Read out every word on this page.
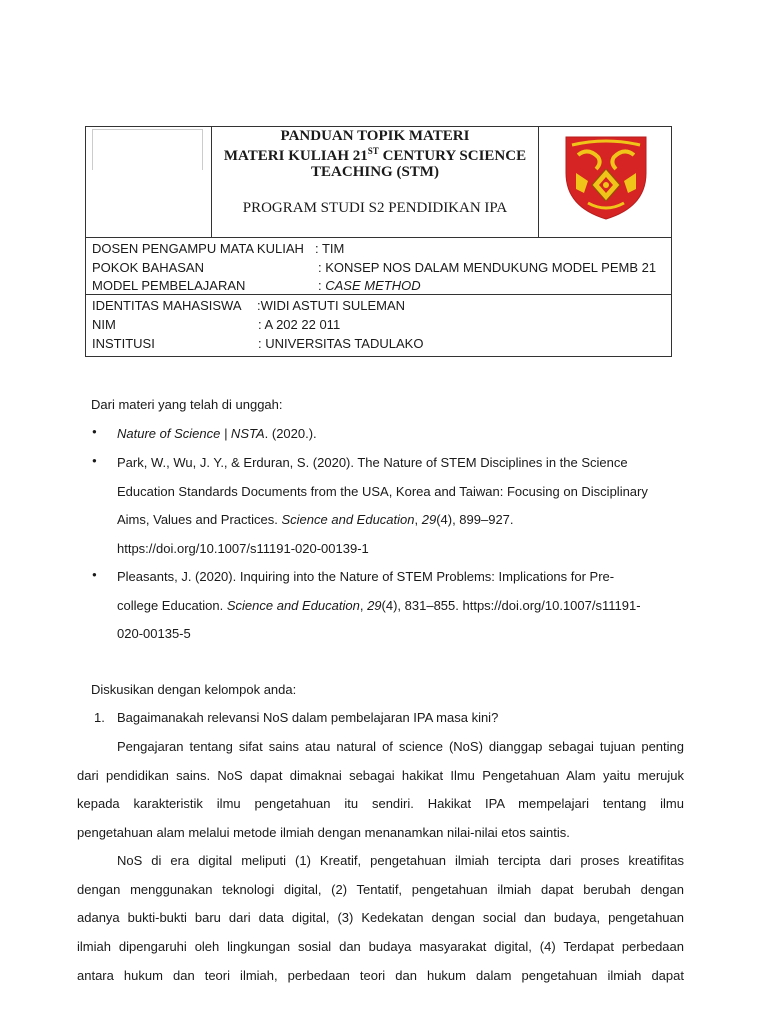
PANDUAN TOPIK MATERI
MATERI KULIAH 21ST CENTURY SCIENCE
TEACHING (STM)
PROGRAM STUDI S2 PENDIDIKAN IPA
DOSEN PENGAMPU MATA KULIAH : TIM
POKOK BAHASAN	: KONSEP NOS DALAM MENDUKUNG MODEL PEMB 21
MODEL PEMBELAJARAN	: CASE METHOD
IDENTITAS MAHASISWA :WIDI ASTUTI SULEMAN
NIM	: A 202 22 011
INSTITUSI	: UNIVERSITAS TADULAKO
Dari materi yang telah di unggah:
● Nature of Science | NSTA. (2020.).
● Park, W., Wu, J. Y., & Erduran, S. (2020). The Nature of STEM Disciplines in the Science
Education Standards Documents from the USA, Korea and Taiwan: Focusing on Disciplinary
Aims, Values and Practices. Science and Education, 29(4), 899–927.
https://doi.org/10.1007/s11191-020-00139-1
● Pleasants, J. (2020). Inquiring into the Nature of STEM Problems: Implications for Pre-
college Education. Science and Education, 29(4), 831–855. https://doi.org/10.1007/s11191-
020-00135-5
Diskusikan dengan kelompok anda:
1. Bagaimanakah relevansi NoS dalam pembelajaran IPA masa kini?
Pengajaran tentang sifat sains atau natural of science (NoS) dianggap sebagai tujuan penting
dari pendidikan sains. NoS dapat dimaknai sebagai hakikat Ilmu Pengetahuan Alam yaitu merujuk
kepada karakteristik ilmu pengetahuan itu sendiri. Hakikat IPA mempelajari tentang ilmu
pengetahuan alam melalui metode ilmiah dengan menanamkan nilai-nilai etos saintis.
NoS di era digital meliputi (1) Kreatif, pengetahuan ilmiah tercipta dari proses kreatifitas
dengan menggunakan teknologi digital, (2) Tentatif, pengetahuan ilmiah dapat berubah dengan
adanya bukti-bukti baru dari data digital, (3) Kedekatan dengan social dan budaya, pengetahuan
ilmiah dipengaruhi oleh lingkungan sosial dan budaya masyarakat digital, (4) Terdapat perbedaan
antara hukum dan teori ilmiah, perbedaan teori dan hukum dalam pengetahuan ilmiah dapat
